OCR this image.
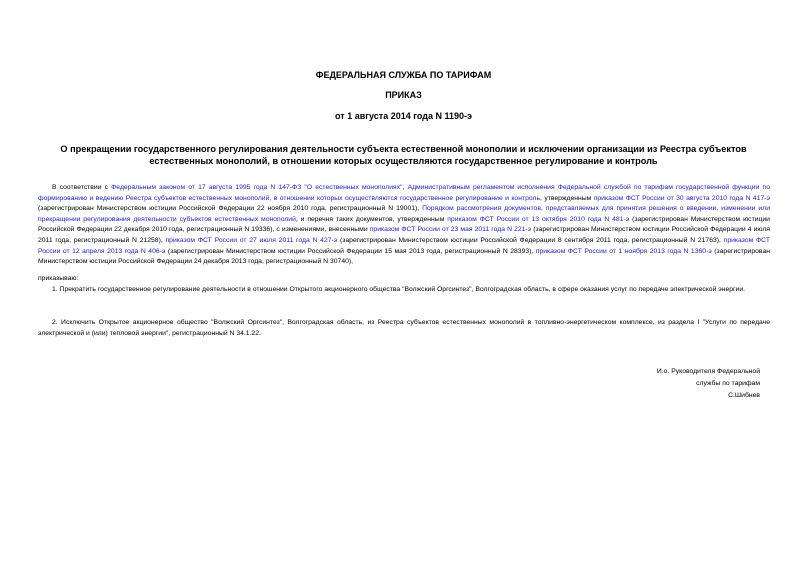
ФЕДЕРАЛЬНАЯ СЛУЖБА ПО ТАРИФАМ
ПРИКАЗ
от 1 августа 2014 года N 1190-э
О прекращении государственного регулирования деятельности субъекта естественной монополии и исключении организации из Реестра субъектов естественных монополий, в отношении которых осуществляются государственное регулирование и контроль
В соответствии с Федеральным законом от 17 августа 1995 года N 147-ФЗ "О естественных монополиях", Административным регламентом исполнения Федеральной службой по тарифам государственной функции по формированию и ведению Реестра субъектов естественных монополий, в отношении которых осуществляются государственное регулирование и контроль, утвержденным приказом ФСТ России от 30 августа 2010 года N 417-э (зарегистрирован Министерством юстиции Российской Федерации 22 ноября 2010 года, регистрационный N 19001), Порядком рассмотрения документов, представляемых для принятия решения о введении, изменении или прекращении регулирования деятельности субъектов естественных монополий, и перечня таких документов, утвержденным приказом ФСТ России от 13 октября 2010 года N 481-э (зарегистрирован Министерством юстиции Российской Федерации 22 декабря 2010 года, регистрационный N 19336), с изменениями, внесенными приказом ФСТ России от 23 мая 2011 года N 221-э (зарегистрирован Министерством юстиции Российской Федерации 4 июля 2011 года, регистрационный N 21258), приказом ФСТ России от 27 июля 2011 года N 427-э (зарегистрирован Министерством юстиции Российской Федерации 8 сентября 2011 года, регистрационный N 21763), приказом ФСТ России от 12 апреля 2013 года N 406-э (зарегистрирован Министерством юстиции Российской Федерации 15 мая 2013 года, регистрационный N 28393), приказом ФСТ России от 1 ноября 2013 года N 1360-э (зарегистрирован Министерством юстиции Российской Федерации 24 декабря 2013 года, регистрационный N 30740),
приказываю:
1. Прекратить государственное регулирование деятельности в отношении Открытого акционерного общества "Волжский Оргсинтез", Волгоградская область, в сфере оказания услуг по передаче электрической энергии.
2. Исключить Открытое акционерное общество "Волжский Оргсинтез", Волгоградская область, из Реестра субъектов естественных монополий в топливно-энергетическом комплексе, из раздела I "Услуги по передаче электрической и (или) тепловой энергии", регистрационный N 34.1.22.
И.о. Руководителя Федеральной
службы по тарифам
С.Шибнев
